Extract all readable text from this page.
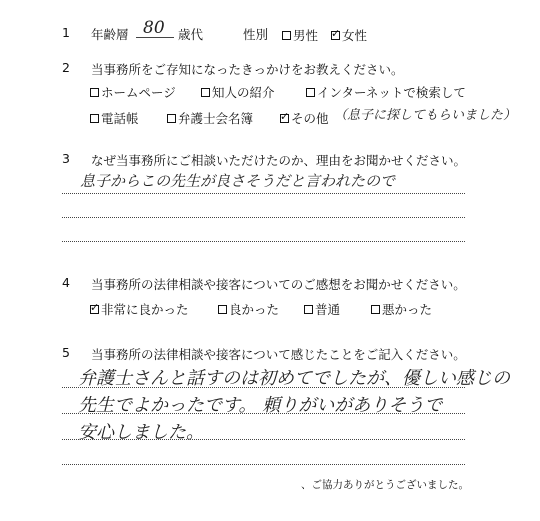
1 年齢層 80 歳代	性別 男性 ✓ 女性
2 当事務所をご存知になったきっかけをお教えください。
ホームページ	知人の紹介	インターネットで検索して
電話帳	弁護士会名簿 ✓	その他 （息子に探してもらいました）
3 なぜ当事務所にご相談いただけたのか、理由をお聞かせください。
息子からこの先生が良さそうだと言われたので
4 当事務所の法律相談や接客についてのご感想をお聞かせください。
✓
非常に良かった	良かった	普通	悪かった
5 当事務所の法律相談や接客について感じたことをご記入ください。
弁護士さんと話すのは初めてでしたが、優しい感じの
先生でよかったです。 頼りがいがありそうで
安心しました。
、ご協力ありがとうございました。
